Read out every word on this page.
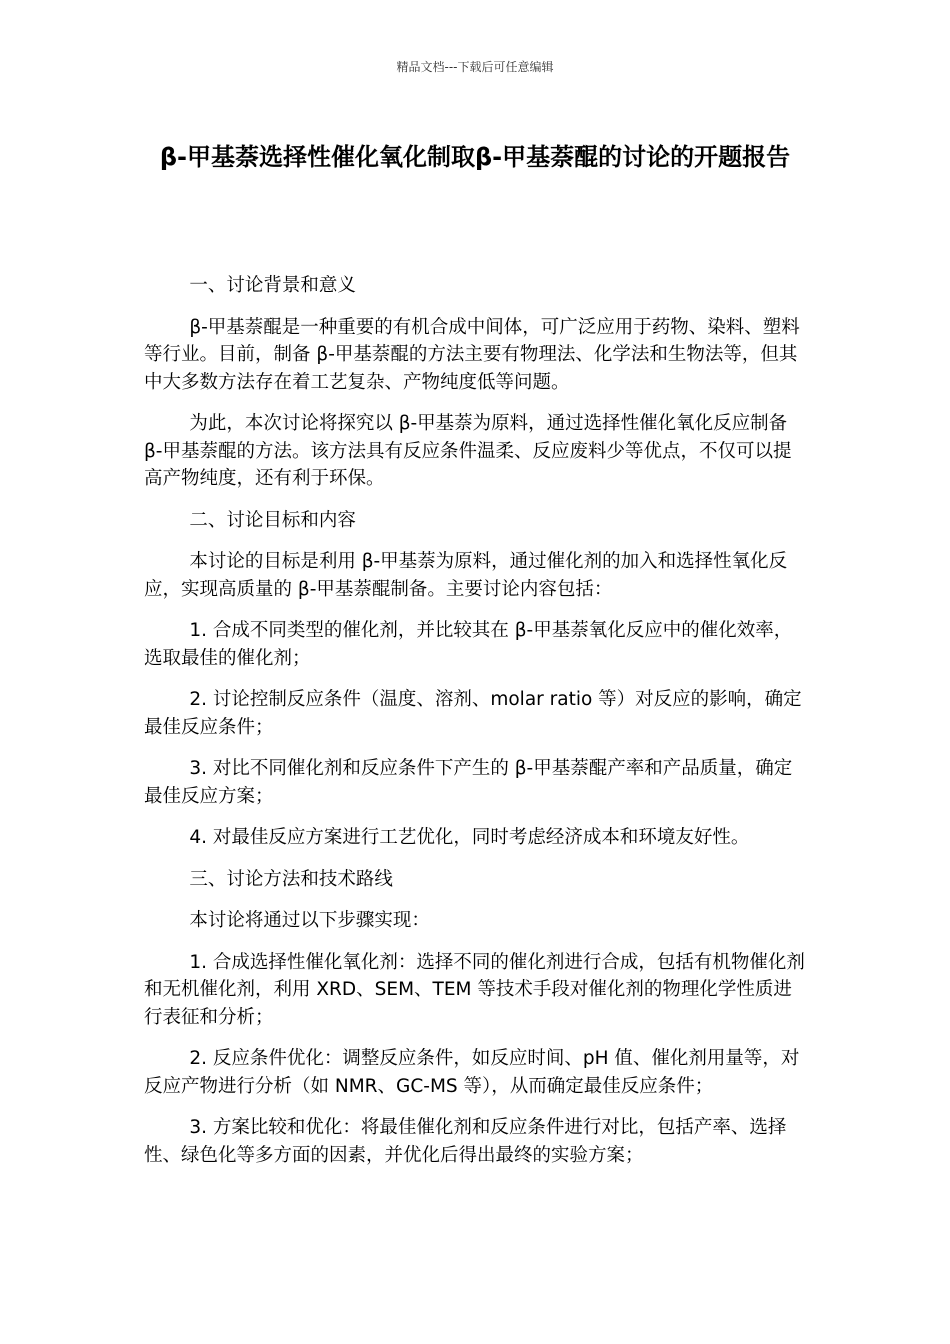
精品文档---下载后可任意编辑
β-甲基萘选择性催化氧化制取β-甲基萘醌的讨论的开题报告

一、讨论背景和意义

β-甲基萘醌是一种重要的有机合成中间体，可广泛应用于药物、染料、塑料等行业。目前，制备 β-甲基萘醌的方法主要有物理法、化学法和生物法等，但其中大多数方法存在着工艺复杂、产物纯度低等问题。

为此，本次讨论将探究以 β-甲基萘为原料，通过选择性催化氧化反应制备 β-甲基萘醌的方法。该方法具有反应条件温柔、反应废料少等优点，不仅可以提高产物纯度，还有利于环保。

二、讨论目标和内容

本讨论的目标是利用 β-甲基萘为原料，通过催化剂的加入和选择性氧化反应，实现高质量的 β-甲基萘醌制备。主要讨论内容包括：

1. 合成不同类型的催化剂，并比较其在 β-甲基萘氧化反应中的催化效率，选取最佳的催化剂；

2. 讨论控制反应条件（温度、溶剂、molar ratio 等）对反应的影响，确定最佳反应条件；

3. 对比不同催化剂和反应条件下产生的 β-甲基萘醌产率和产品质量，确定最佳反应方案；

4. 对最佳反应方案进行工艺优化，同时考虑经济成本和环境友好性。

三、讨论方法和技术路线

本讨论将通过以下步骤实现：

1. 合成选择性催化氧化剂：选择不同的催化剂进行合成，包括有机物催化剂和无机催化剂，利用 XRD、SEM、TEM 等技术手段对催化剂的物理化学性质进行表征和分析；

2. 反应条件优化：调整反应条件，如反应时间、pH 值、催化剂用量等，对反应产物进行分析（如 NMR、GC-MS 等），从而确定最佳反应条件；

3. 方案比较和优化：将最佳催化剂和反应条件进行对比，包括产率、选择性、绿色化等多方面的因素，并优化后得出最终的实验方案；
